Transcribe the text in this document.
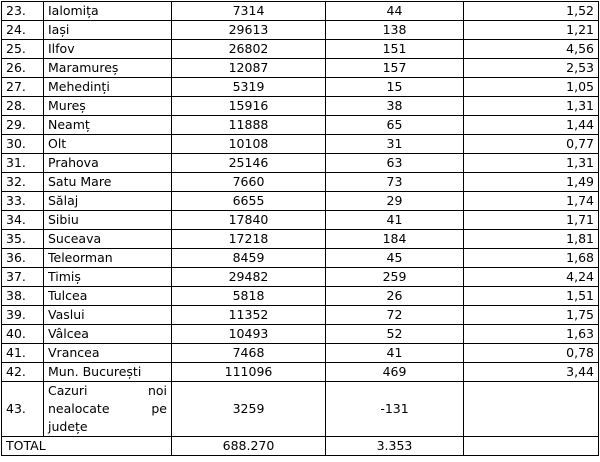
23.	Ialomița	7314	44	1,52
24.	Iași	29613	138	1,21
25.	Ilfov	26802	151	4,56
26.	Maramureș	12087	157	2,53
27.	Mehedinți	5319	15	1,05
28.	Mureș	15916	38	1,31
29.	Neamț	11888	65	1,44
30.	Olt	10108	31	0,77
31.	Prahova	25146	63	1,31
32.	Satu Mare	7660	73	1,49
33.	Sălaj	6655	29	1,74
34.	Sibiu	17840	41	1,71
35.	Suceava	17218	184	1,81
36.	Teleorman	8459	45	1,68
37.	Timiș	29482	259	4,24
38.	Tulcea	5818	26	1,51
39.	Vaslui	11352	72	1,75
40.	Vâlcea	10493	52	1,63
41.	Vrancea	7468	41	0,78
42.	Mun. București	111096	469	3,44
43.	Cazuri noi
nealocate pe
județe	3259	-131	
TOTAL		688.270	3.353	
